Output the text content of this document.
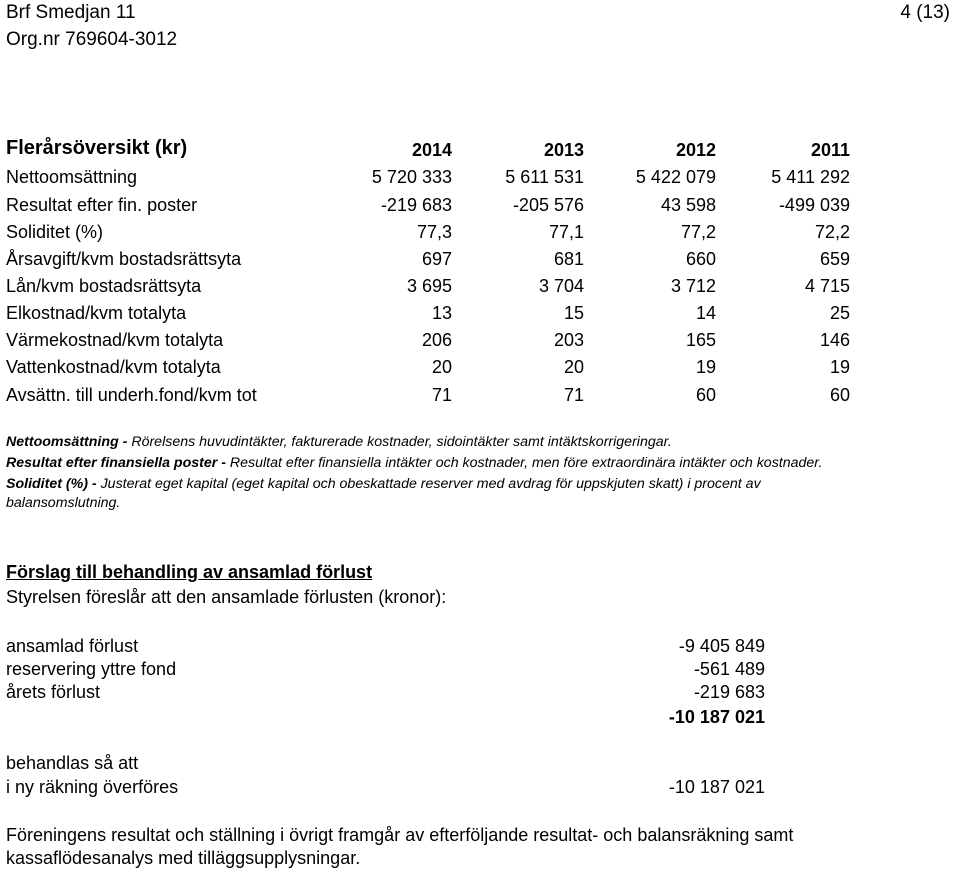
Brf Smedjan 11
Org.nr 769604-3012
4 (13)
Flerårsöversikt (kr)	2014	2013	2012	2011
Nettoomsättning	5 720 333	5 611 531	5 422 079	5 411 292
Resultat efter fin. poster	-219 683	-205 576	43 598	-499 039
Soliditet (%)	77,3	77,1	77,2	72,2
Årsavgift/kvm bostadsrättsyta	697	681	660	659
Lån/kvm bostadsrättsyta	3 695	3 704	3 712	4 715
Elkostnad/kvm totalyta	13	15	14	25
Värmekostnad/kvm totalyta	206	203	165	146
Vattenkostnad/kvm totalyta	20	20	19	19
Avsättn. till underh.fond/kvm tot	71	71	60	60
Nettoomsättning - Rörelsens huvudintäkter, fakturerade kostnader, sidointäkter samt intäktskorrigeringar.
Resultat efter finansiella poster - Resultat efter finansiella intäkter och kostnader, men före extraordinära intäkter och kostnader.
Soliditet (%) - Justerat eget kapital (eget kapital och obeskattade reserver med avdrag för uppskjuten skatt) i procent av
balansomslutning.
Förslag till behandling av ansamlad förlust
Styrelsen föreslår att den ansamlade förlusten (kronor):
ansamlad förlust	-9 405 849
reservering yttre fond	-561 489
årets förlust	-219 683
-10 187 021
behandlas så att
i ny räkning överföres	-10 187 021
Föreningens resultat och ställning i övrigt framgår av efterföljande resultat- och balansräkning samt
kassaflödesanalys med tilläggsupplysningar.
